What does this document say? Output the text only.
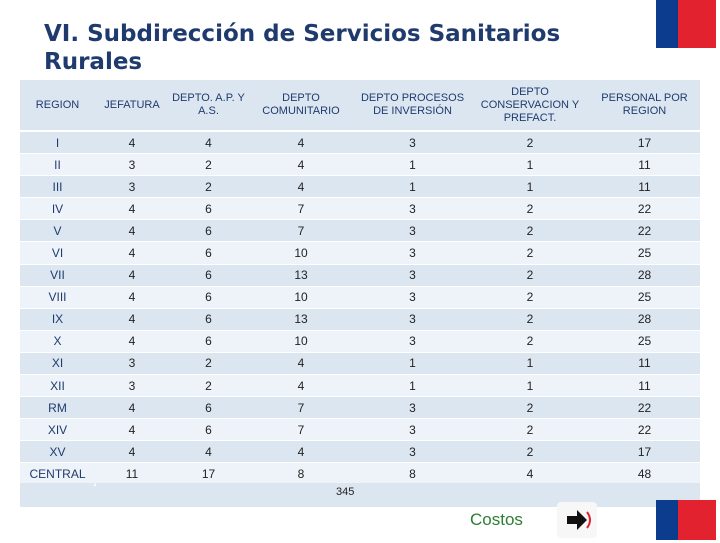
VI. Subdirección de Servicios Sanitarios
Rurales
REGION	JEFATURA	DEPTO. A.P. Y A.S.	DEPTO COMUNITARIO	DEPTO PROCESOS DE INVERSIÓN	DEPTO CONSERVACION Y PREFACT.	PERSONAL POR REGION
I	4	4	4	3	2	17
II	3	2	4	1	1	11
III	3	2	4	1	1	11
IV	4	6	7	3	2	22
V	4	6	7	3	2	22
VI	4	6	10	3	2	25
VII	4	6	13	3	2	28
VIII	4	6	10	3	2	25
IX	4	6	13	3	2	28
X	4	6	10	3	2	25
XI	3	2	4	1	1	11
XII	3	2	4	1	1	11
RM	4	6	7	3	2	22
XIV	4	6	7	3	2	22
XV	4	4	4	3	2	17
CENTRAL	11	17	8	8	4	48

345
Costos
